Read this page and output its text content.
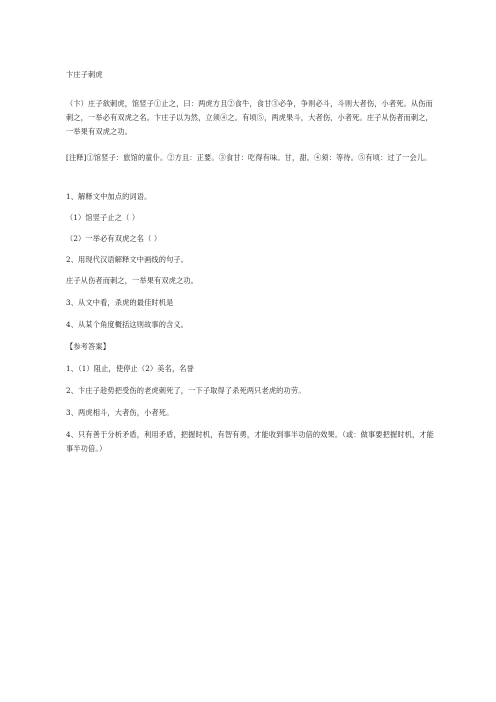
卞庄子刺虎
（卞）庄子欲刺虎，馆竖子①止之，曰：两虎方且②食牛，食甘③必争，争则必斗，斗则大者伤，小者死。从伤而刺之，一举必有双虎之名。卞庄子以为然，立须④之。有顷⑤，两虎果斗，大者伤，小者死。庄子从伤者而刺之，一举果有双虎之功。
[注释]①馆竖子：旅馆的童仆。②方且：正要。③食甘：吃得有味。甘，甜。④须：等待。⑤有顷：过了一会儿。
1、解释文中加点的词语。
（1）馆竖子止之（ ）
（2）一举必有双虎之名（ ）
2、用现代汉语解释文中画线的句子。
庄子从伤者而刺之，一举果有双虎之功。
3、从文中看，杀虎的最佳时机是
4、从某个角度概括这则故事的含义。
【参考答案】
1、（1）阻止，使停止（2）美名，名誉
2、卞庄子趁势把受伤的老虎刺死了，一下子取得了杀死两只老虎的功劳。
3、两虎相斗，大者伤，小者死。
4、只有善于分析矛盾，利用矛盾，把握时机，有智有勇，才能收到事半功倍的效果。（或：做事要把握时机，才能事半功倍。）
